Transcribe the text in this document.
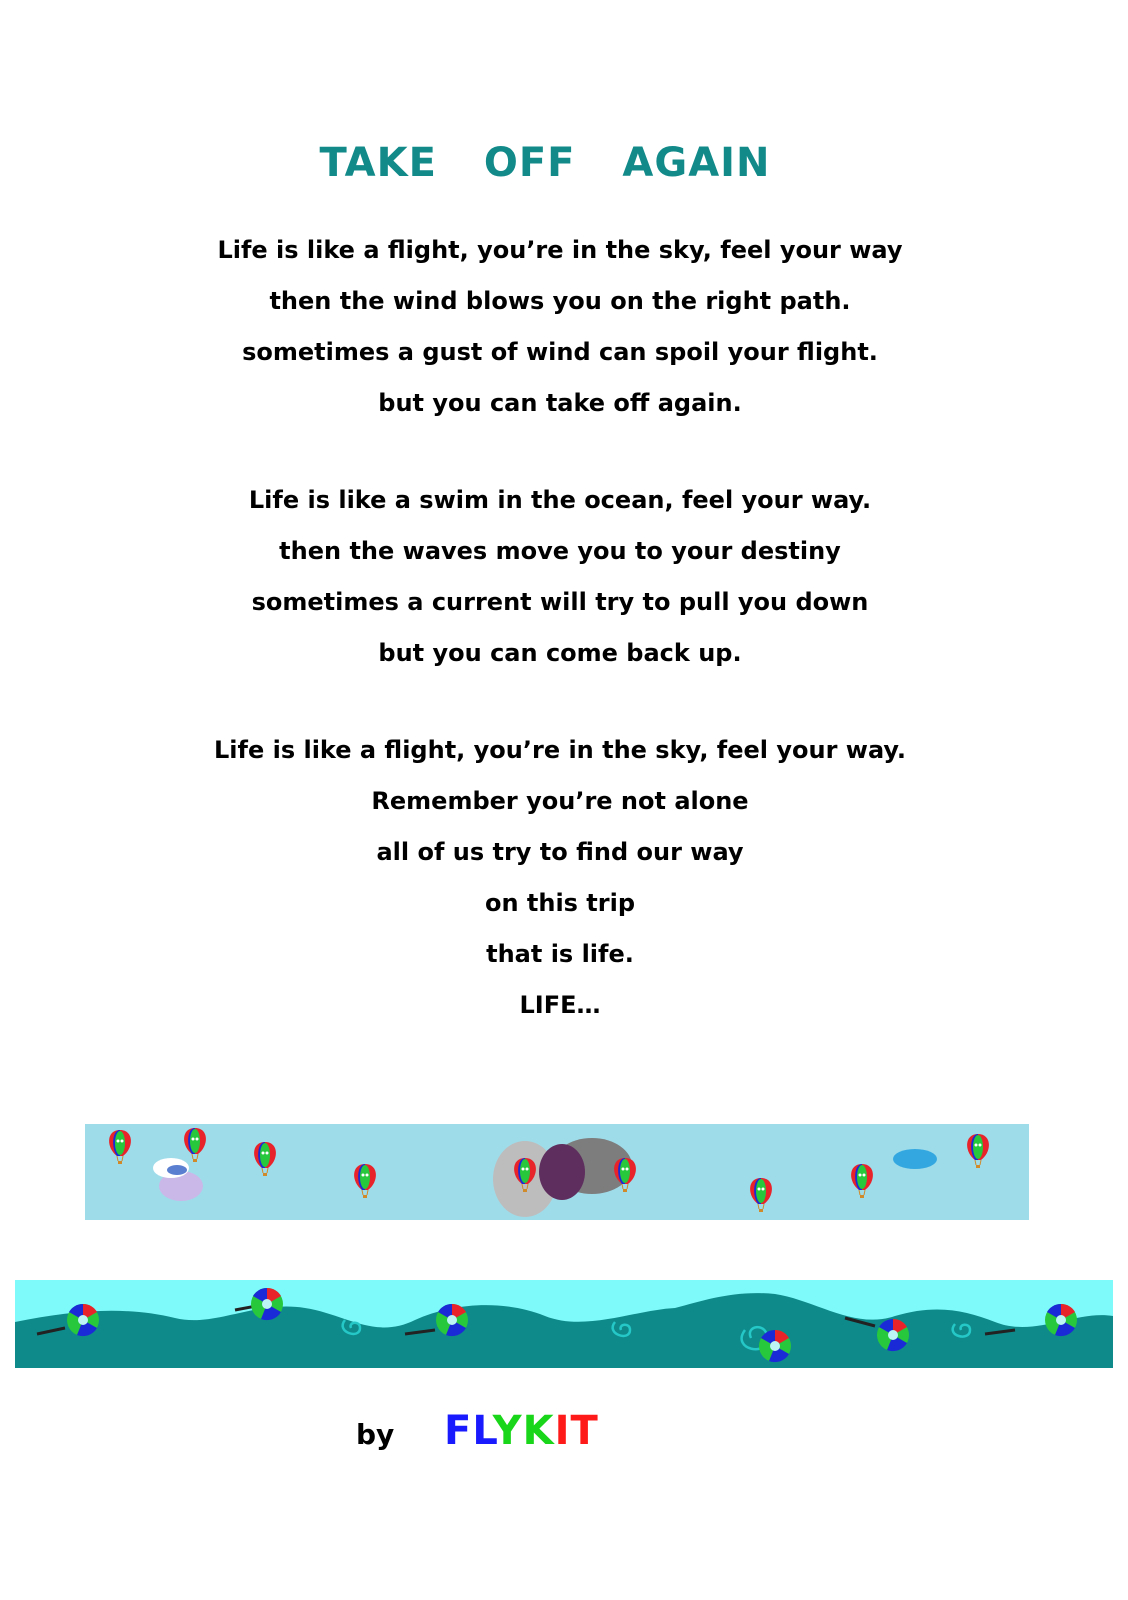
TAKE OFF AGAIN
Life is like a flight, you’re in the sky, feel your way
then the wind blows you on the right path.
sometimes a gust of wind can spoil your flight.
but you can take off again.
Life is like a swim in the ocean, feel your way.
then the waves move you to your destiny
sometimes a current will try to pull you down
but you can come back up.
Life is like a flight, you’re in the sky, feel your way.
Remember you’re not alone
all of us try to find our way
on this trip
that is life.
LIFE…
by FLYKIT
